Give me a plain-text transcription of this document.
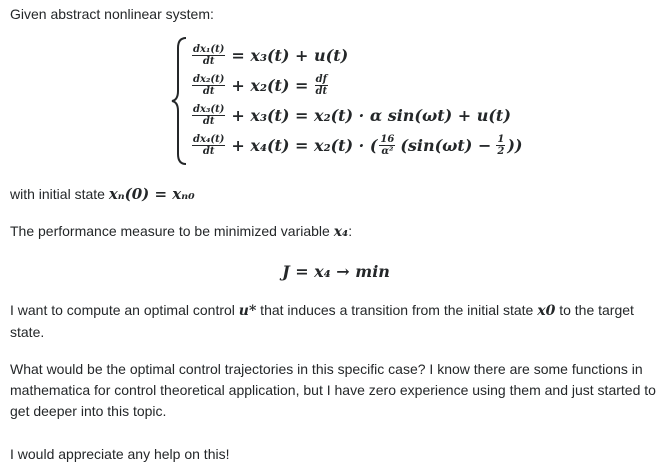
Given abstract nonlinear system:

$\frac{\text{dx₁(t)}}{dt} = x_3(t) + u(t)$
$\frac{\text{dx₂(t)}}{dt} + x_2(t) = \frac{df}{dt}$
$\frac{\text{dx₃(t)}}{dt} + x_3(t) = x_2(t) \cdot \alpha$ sin(ωt) + u(t)
$\frac{\text{dx₄(t)}}{dt} + x_4(t) = x_2(t)$ · ( $\frac{16}{\text{α²}} (\sin(\omega t) - \frac{1}{2}$ ))

with initial state xₙ(0) = xₙ₀

The performance measure to be minimized variable x₄:

J = x₄ → min

I want to compute an optimal control u* that induces a transition from the initial state x0 to the target state.

What would be the optimal control trajectories in this specific case? I know there are some functions in mathematica for control theoretical application, but I have zero experience using them and just started to get deeper into this topic.

I would appreciate any help on this!
